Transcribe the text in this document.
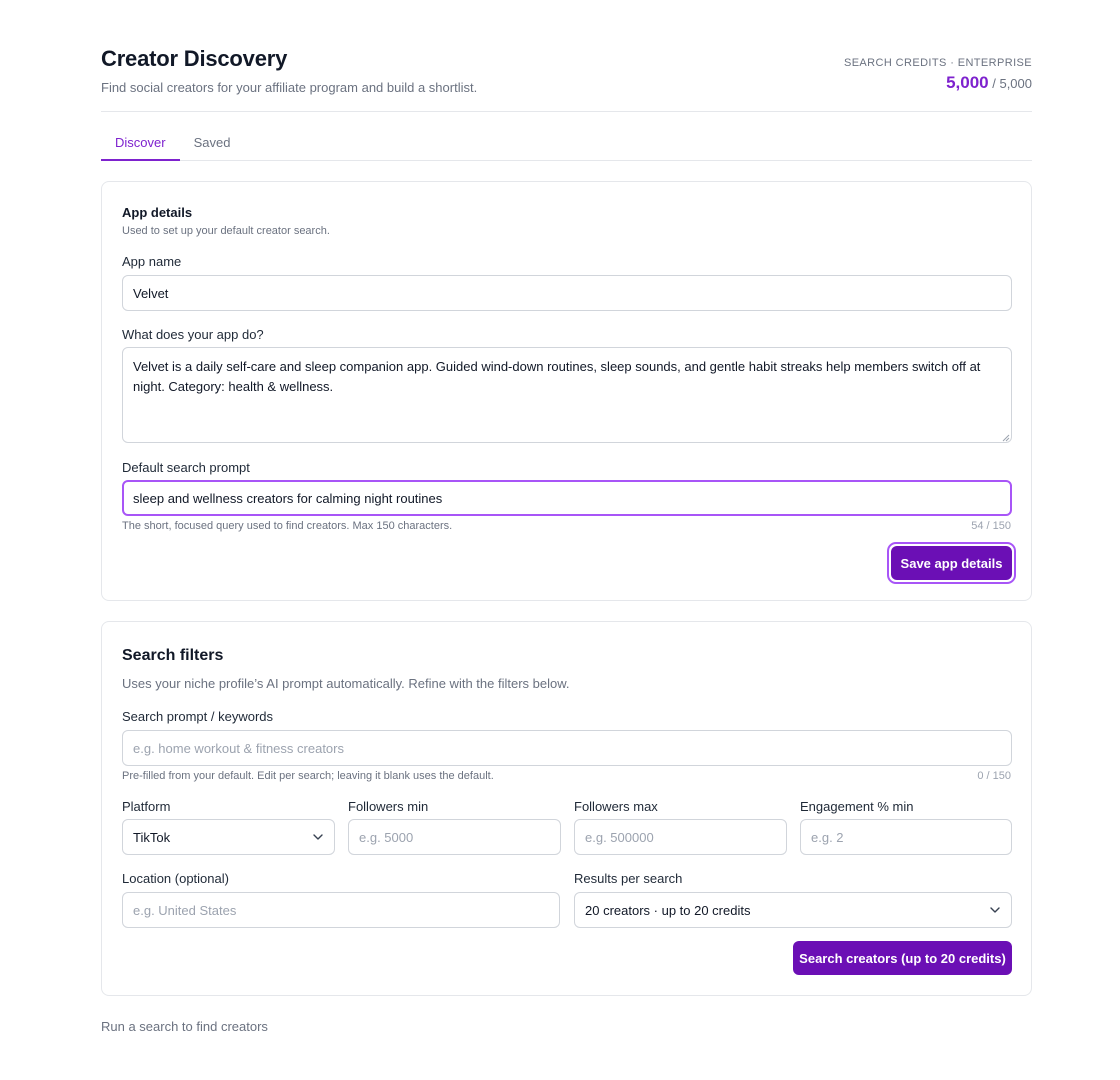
Creator Discovery
Find social creators for your affiliate program and build a shortlist.
SEARCH CREDITS · ENTERPRISE
5,000 / 5,000
Discover	Saved
App details
Used to set up your default creator search.
App name
Velvet
What does your app do?
Velvet is a daily self-care and sleep companion app. Guided wind-down routines, sleep sounds, and gentle habit streaks help members switch off at night. Category: health & wellness.
Default search prompt
sleep and wellness creators for calming night routines
The short, focused query used to find creators. Max 150 characters.	54 / 150
Save app details
Search filters
Uses your niche profile’s AI prompt automatically. Refine with the filters below.
Search prompt / keywords
e.g. home workout & fitness creators
Pre-filled from your default. Edit per search; leaving it blank uses the default.	0 / 150
Platform
TikTok
Followers min
e.g. 5000	Followers max
e.g. 500000	Engagement % min
e.g. 2
Location (optional)
e.g. United States	Results per search
20 creators · up to 20 credits
Search creators (up to 20 credits)
Run a search to find creators
